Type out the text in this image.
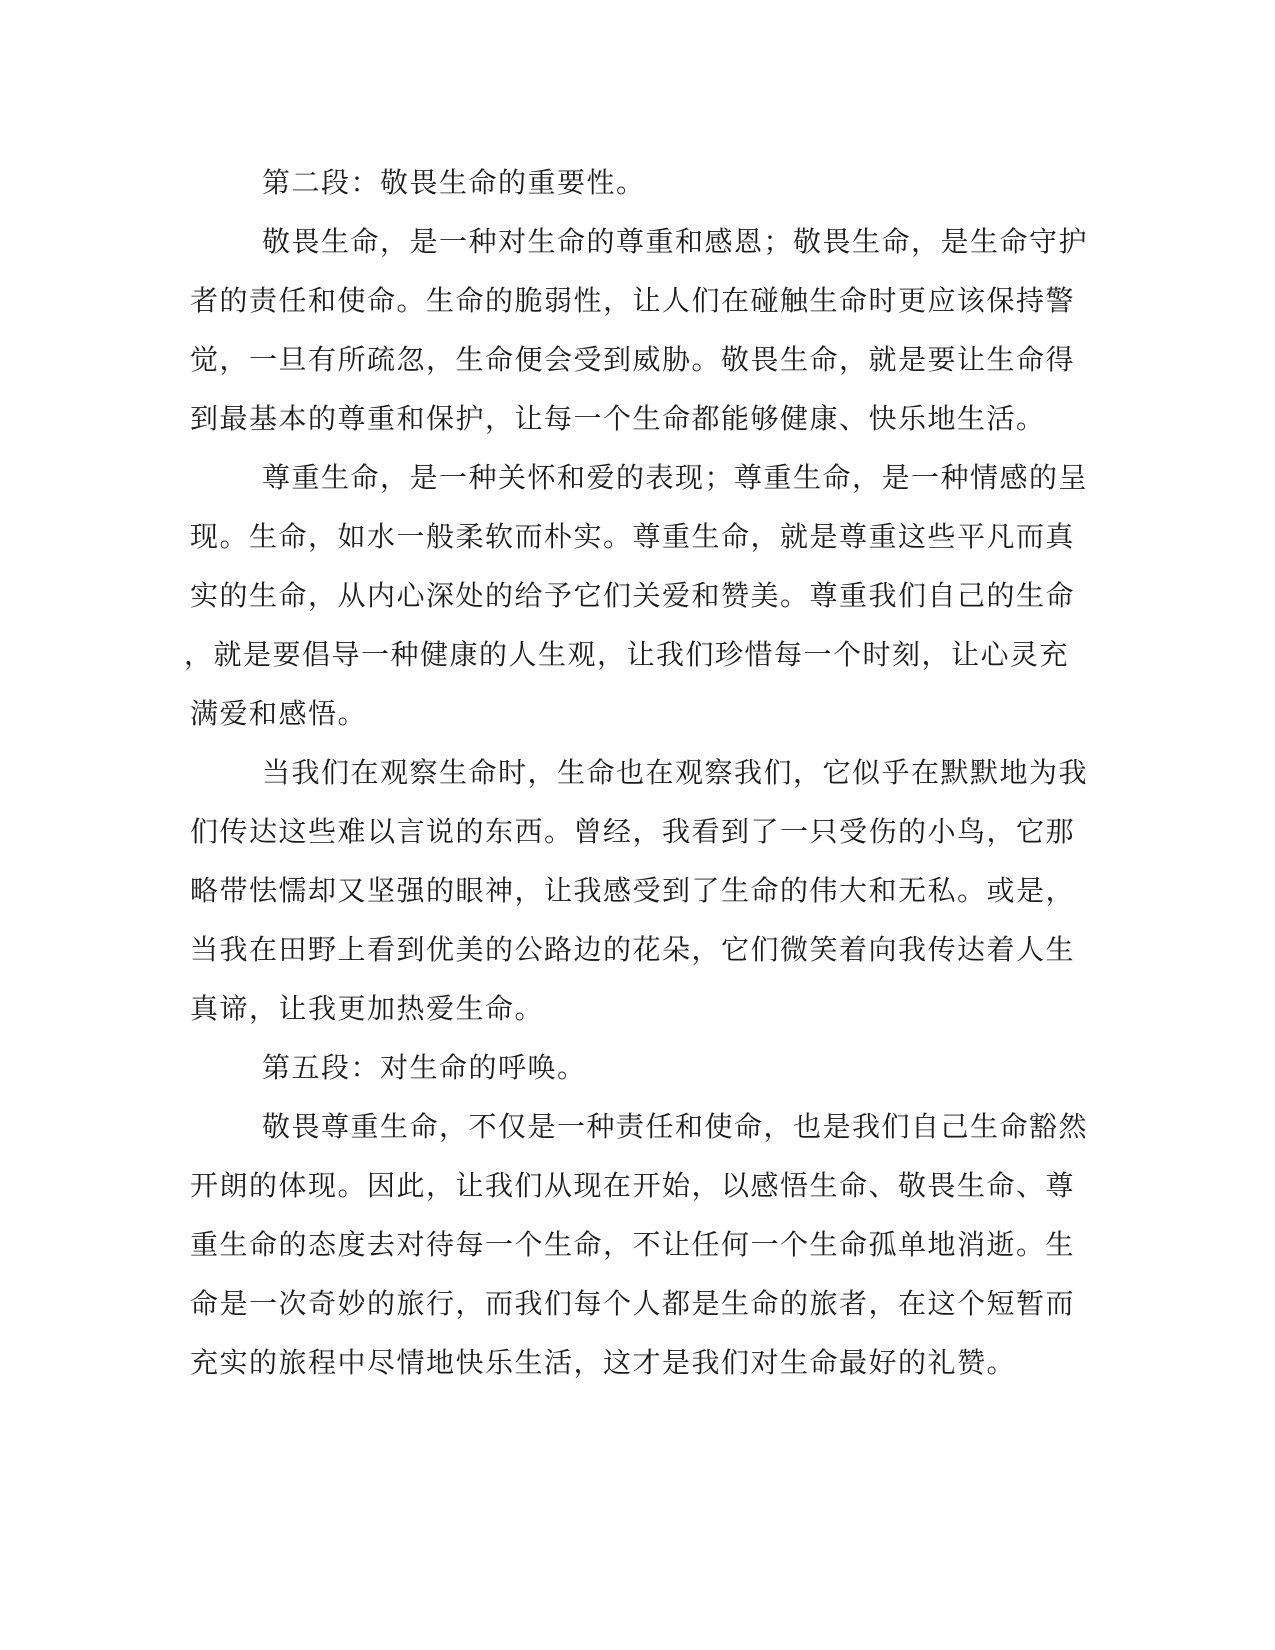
第二段：敬畏生命的重要性。
敬畏生命，是一种对生命的尊重和感恩；敬畏生命，是生命守护
者的责任和使命。生命的脆弱性，让人们在碰触生命时更应该保持警
觉，一旦有所疏忽，生命便会受到威胁。敬畏生命，就是要让生命得
到最基本的尊重和保护，让每一个生命都能够健康、快乐地生活。
尊重生命，是一种关怀和爱的表现；尊重生命，是一种情感的呈
现。生命，如水一般柔软而朴实。尊重生命，就是尊重这些平凡而真
实的生命，从内心深处的给予它们关爱和赞美。尊重我们自己的生命
，就是要倡导一种健康的人生观，让我们珍惜每一个时刻，让心灵充
满爱和感悟。
当我们在观察生命时，生命也在观察我们，它似乎在默默地为我
们传达这些难以言说的东西。曾经，我看到了一只受伤的小鸟，它那
略带怯懦却又坚强的眼神，让我感受到了生命的伟大和无私。或是，
当我在田野上看到优美的公路边的花朵，它们微笑着向我传达着人生
真谛，让我更加热爱生命。
第五段：对生命的呼唤。
敬畏尊重生命，不仅是一种责任和使命，也是我们自己生命豁然
开朗的体现。因此，让我们从现在开始，以感悟生命、敬畏生命、尊
重生命的态度去对待每一个生命，不让任何一个生命孤单地消逝。生
命是一次奇妙的旅行，而我们每个人都是生命的旅者，在这个短暂而
充实的旅程中尽情地快乐生活，这才是我们对生命最好的礼赞。
